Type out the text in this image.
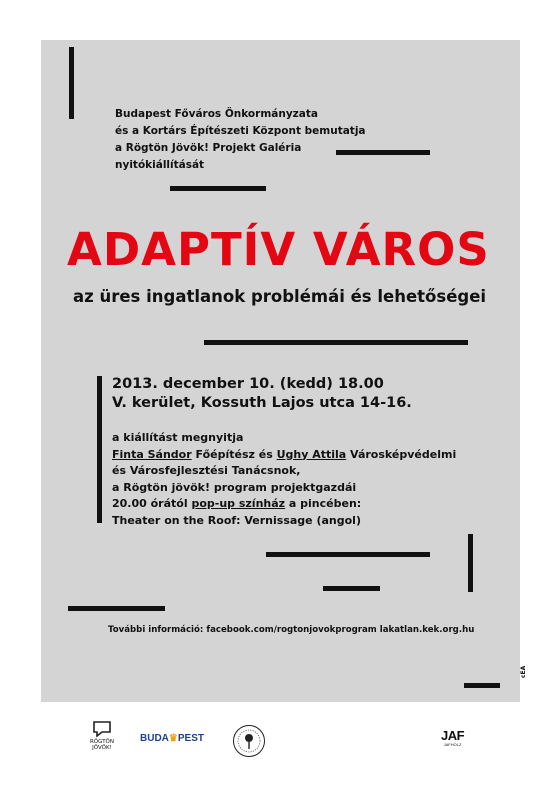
Budapest Főváros Önkormányzata
és a Kortárs Építészeti Központ bemutatja
a Rögtön Jövök! Projekt Galéria
nyitókiállítását
ADAPTÍV VÁROS
az üres ingatlanok problémái és lehetőségei
2013. december 10. (kedd) 18.00
V. kerület, Kossuth Lajos utca 14-16.
a kiállítást megnyitja
Finta Sándor Főépítész és Ughy Attila Városképvédelmi
és Városfejlesztési Tanácsnok,
a Rögtön jövök! program projektgazdái
20.00 órától pop-up színház a pincében:
Theater on the Roof: Vernissage (angol)
További információ: facebook.com/rogtonjovokprogram lakatlan.kek.org.hu
cEA
RÖGTÖN
JÖVÖK!
BUDA♛PEST	JAF
JAFHOLZ
